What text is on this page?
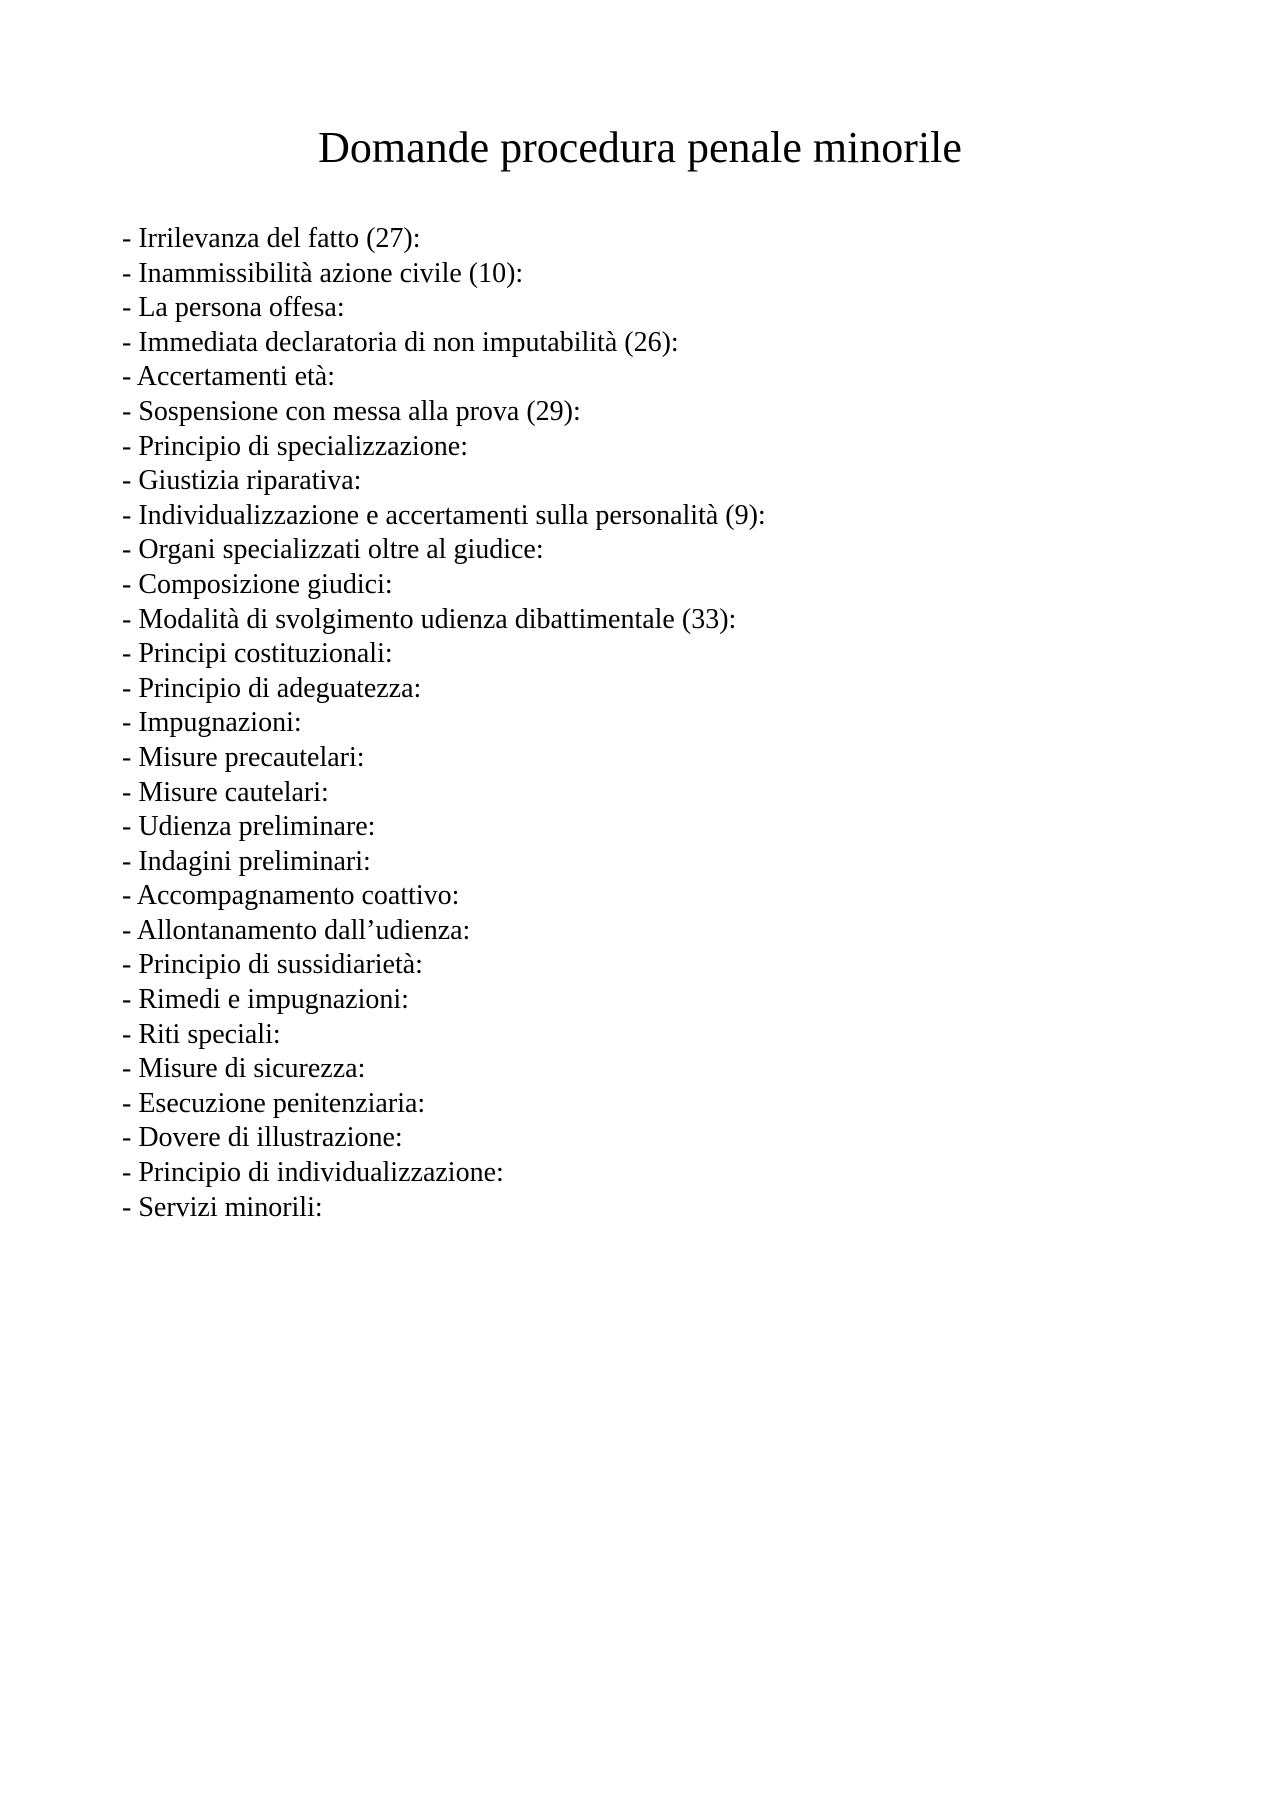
Domande procedura penale minorile
- Irrilevanza del fatto (27):
- Inammissibilità azione civile (10):
- La persona offesa:
- Immediata declaratoria di non imputabilità (26):
- Accertamenti età:
- Sospensione con messa alla prova (29):
- Principio di specializzazione:
- Giustizia riparativa:
- Individualizzazione e accertamenti sulla personalità (9):
- Organi specializzati oltre al giudice:
- Composizione giudici:
- Modalità di svolgimento udienza dibattimentale (33):
- Principi costituzionali:
- Principio di adeguatezza:
- Impugnazioni:
- Misure precautelari:
- Misure cautelari:
- Udienza preliminare:
- Indagini preliminari:
- Accompagnamento coattivo:
- Allontanamento dall’udienza:
- Principio di sussidiarietà:
- Rimedi e impugnazioni:
- Riti speciali:
- Misure di sicurezza:
- Esecuzione penitenziaria:
- Dovere di illustrazione:
- Principio di individualizzazione:
- Servizi minorili:
